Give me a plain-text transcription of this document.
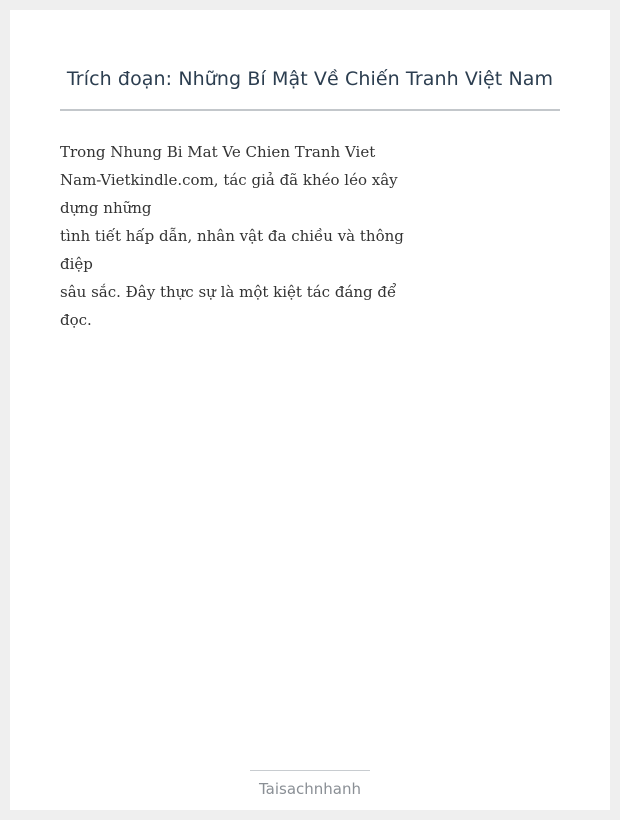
Trích đoạn: Những Bí Mật Về Chiến Tranh Việt Nam
Trong Nhung Bi Mat Ve Chien Tranh Viet Nam-Vietkindle.com, tác giả đã khéo léo xây dựng những
tình tiết hấp dẫn, nhân vật đa chiều và thông điệp
sâu sắc. Đây thực sự là một kiệt tác đáng để đọc.
Taisachnhanh
